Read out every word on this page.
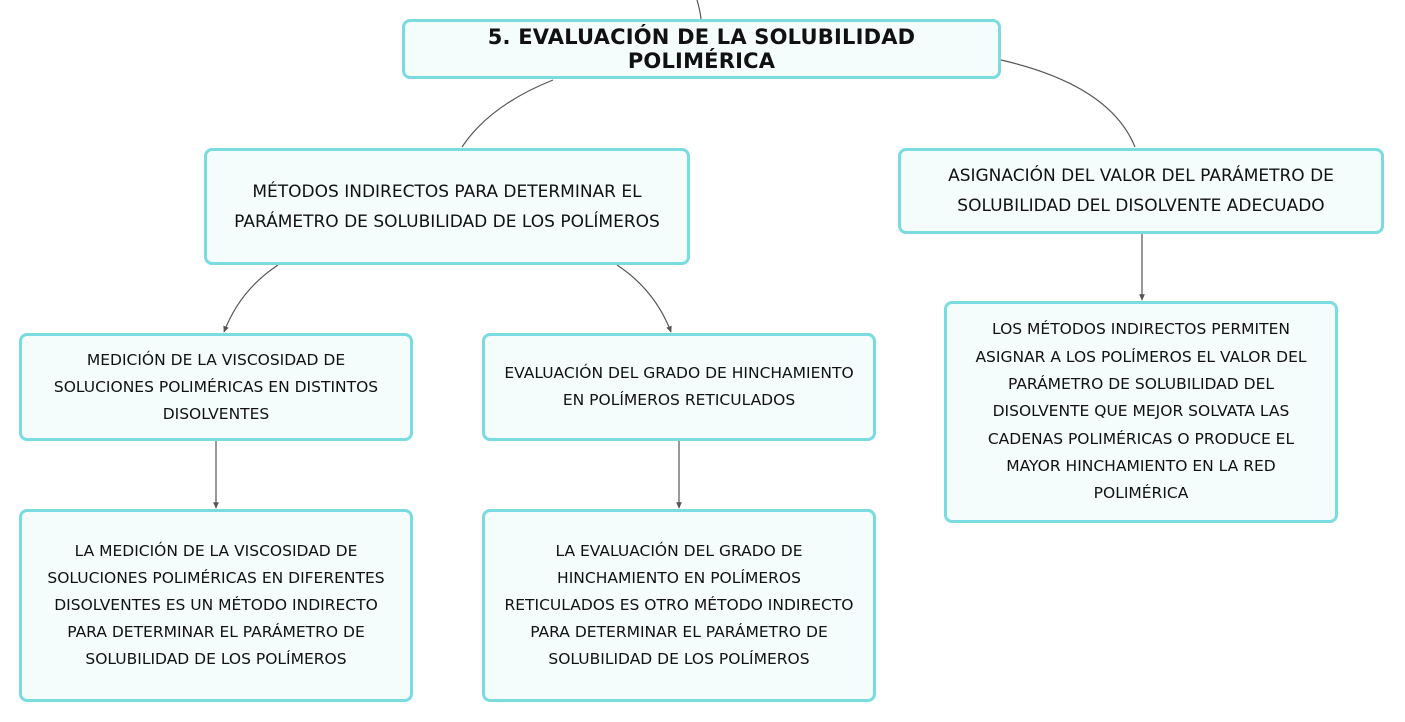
5. EVALUACIÓN DE LA SOLUBILIDAD POLIMÉRICA
MÉTODOS INDIRECTOS PARA DETERMINAR EL
PARÁMETRO DE SOLUBILIDAD DE LOS POLÍMEROS
ASIGNACIÓN DEL VALOR DEL PARÁMETRO DE
SOLUBILIDAD DEL DISOLVENTE ADECUADO
MEDICIÓN DE LA VISCOSIDAD DE
SOLUCIONES POLIMÉRICAS EN DISTINTOS
DISOLVENTES
EVALUACIÓN DEL GRADO DE HINCHAMIENTO
EN POLÍMEROS RETICULADOS
LOS MÉTODOS INDIRECTOS PERMITEN
ASIGNAR A LOS POLÍMEROS EL VALOR DEL
PARÁMETRO DE SOLUBILIDAD DEL
DISOLVENTE QUE MEJOR SOLVATA LAS
CADENAS POLIMÉRICAS O PRODUCE EL
MAYOR HINCHAMIENTO EN LA RED
POLIMÉRICA
LA MEDICIÓN DE LA VISCOSIDAD DE
SOLUCIONES POLIMÉRICAS EN DIFERENTES
DISOLVENTES ES UN MÉTODO INDIRECTO
PARA DETERMINAR EL PARÁMETRO DE
SOLUBILIDAD DE LOS POLÍMEROS
LA EVALUACIÓN DEL GRADO DE
HINCHAMIENTO EN POLÍMEROS
RETICULADOS ES OTRO MÉTODO INDIRECTO
PARA DETERMINAR EL PARÁMETRO DE
SOLUBILIDAD DE LOS POLÍMEROS
